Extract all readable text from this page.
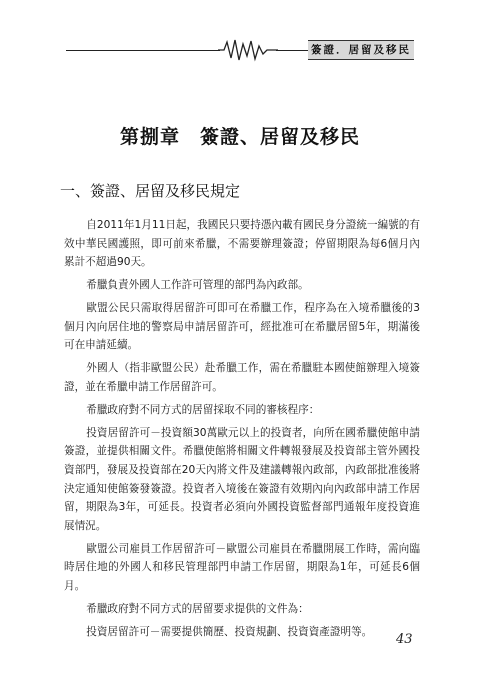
簽證．居留及移民
第捌章　簽證、居留及移民
一、簽證、居留及移民規定

自2011年1月11日起，我國民只要持憑內載有國民身分證統一編號的有效中華民國護照，即可前來希臘，不需要辦理簽證；停留期限為每6個月內累計不超過90天。

希臘負責外國人工作許可管理的部門為內政部。

歐盟公民只需取得居留許可即可在希臘工作，程序為在入境希臘後的3個月內向居住地的警察局申請居留許可，經批准可在希臘居留5年，期滿後可在申請延續。

外國人（指非歐盟公民）赴希臘工作，需在希臘駐本國使館辦理入境簽證，並在希臘申請工作居留許可。

希臘政府對不同方式的居留採取不同的審核程序：

投資居留許可－投資額30萬歐元以上的投資者，向所在國希臘使館申請簽證，並提供相關文件。希臘使館將相關文件轉報發展及投資部主管外國投資部門，發展及投資部在20天內將文件及建議轉報內政部，內政部批准後將決定通知使館簽發簽證。投資者入境後在簽證有效期內向內政部申請工作居留，期限為3年，可延長。投資者必須向外國投資監督部門通報年度投資進展情況。

歐盟公司雇員工作居留許可－歐盟公司雇員在希臘開展工作時，需向臨時居住地的外國人和移民管理部門申請工作居留，期限為1年，可延長6個月。

希臘政府對不同方式的居留要求提供的文件為：

投資居留許可－需要提供簡歷、投資規劃、投資資產證明等。	43
